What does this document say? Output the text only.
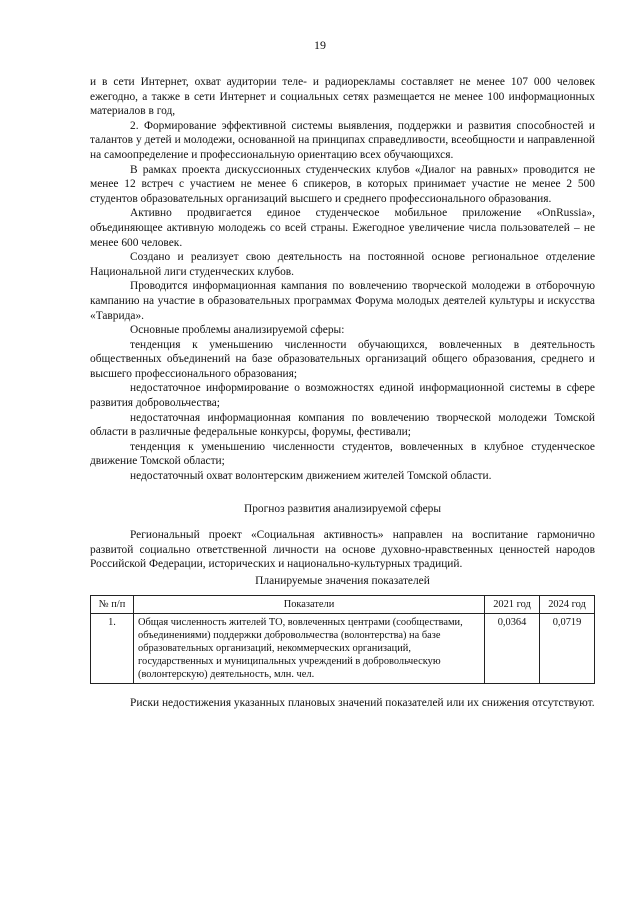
19

и в сети Интернет, охват аудитории теле- и радиорекламы составляет не менее 107 000 человек ежегодно, а также в сети Интернет и социальных сетях размещается не менее 100 информационных материалов в год,

2. Формирование эффективной системы выявления, поддержки и развития способностей и талантов у детей и молодежи, основанной на принципах справедливости, всеобщности и направленной на самоопределение и профессиональную ориентацию всех обучающихся.

В рамках проекта дискуссионных студенческих клубов «Диалог на равных» проводится не менее 12 встреч с участием не менее 6 спикеров, в которых принимает участие не менее 2 500 студентов образовательных организаций высшего и среднего профессионального образования.

Активно продвигается единое студенческое мобильное приложение «OnRussia», объединяющее активную молодежь со всей страны. Ежегодное увеличение числа пользователей – не менее 600 человек.

Создано и реализует свою деятельность на постоянной основе региональное отделение Национальной лиги студенческих клубов.

Проводится информационная кампания по вовлечению творческой молодежи в отборочную кампанию на участие в образовательных программах Форума молодых деятелей культуры и искусства «Таврида».

Основные проблемы анализируемой сферы:

тенденция к уменьшению численности обучающихся, вовлеченных в деятельность общественных объединений на базе образовательных организаций общего образования, среднего и высшего профессионального образования;

недостаточное информирование о возможностях единой информационной системы в сфере развития добровольчества;

недостаточная информационная компания по вовлечению творческой молодежи Томской области в различные федеральные конкурсы, форумы, фестивали;

тенденция к уменьшению численности студентов, вовлеченных в клубное студенческое движение Томской области;

недостаточный охват волонтерским движением жителей Томской области.

Прогноз развития анализируемой сферы

Региональный проект «Социальная активность» направлен на воспитание гармонично развитой социально ответственной личности на основе духовно-нравственных ценностей народов Российской Федерации, исторических и национально-культурных традиций.

Планируемые значения показателей

№ п/п	Показатели	2021 год	2024 год
1.	Общая численность жителей ТО, вовлеченных центрами (сообществами, объединениями) поддержки добровольчества (волонтерства) на базе образовательных организаций, некоммерческих организаций, государственных и муниципальных учреждений в добровольческую (волонтерскую) деятельность, млн. чел.	0,0364	0,0719

Риски недостижения указанных плановых значений показателей или их снижения отсутствуют.
